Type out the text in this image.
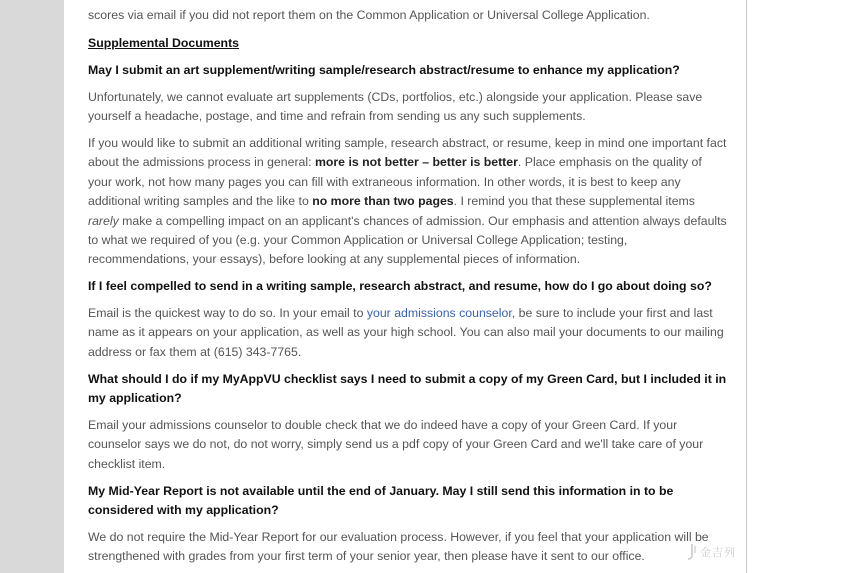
scores via email if you did not report them on the Common Application or Universal College Application.

Supplemental Documents

May I submit an art supplement/writing sample/research abstract/resume to enhance my application?

Unfortunately, we cannot evaluate art supplements (CDs, portfolios, etc.) alongside your application. Please save yourself a headache, postage, and time and refrain from sending us any such supplements.

If you would like to submit an additional writing sample, research abstract, or resume, keep in mind one important fact about the admissions process in general: more is not better – better is better. Place emphasis on the quality of your work, not how many pages you can fill with extraneous information. In other words, it is best to keep any additional writing samples and the like to no more than two pages. I remind you that these supplemental items rarely make a compelling impact on an applicant's chances of admission. Our emphasis and attention always defaults to what we required of you (e.g. your Common Application or Universal College Application; testing, recommendations, your essays), before looking at any supplemental pieces of information.

If I feel compelled to send in a writing sample, research abstract, and resume, how do I go about doing so?

Email is the quickest way to do so. In your email to your admissions counselor, be sure to include your first and last name as it appears on your application, as well as your high school. You can also mail your documents to our mailing address or fax them at (615) 343-7765.

What should I do if my MyAppVU checklist says I need to submit a copy of my Green Card, but I included it in my application?

Email your admissions counselor to double check that we do indeed have a copy of your Green Card. If your counselor says we do not, do not worry, simply send us a pdf copy of your Green Card and we'll take care of your checklist item.

My Mid-Year Report is not available until the end of January. May I still send this information in to be considered with my application?

We do not require the Mid-Year Report for our evaluation process. However, if you feel that your application will be strengthened with grades from your first term of your senior year, then please have it sent to our office.	金吉列
